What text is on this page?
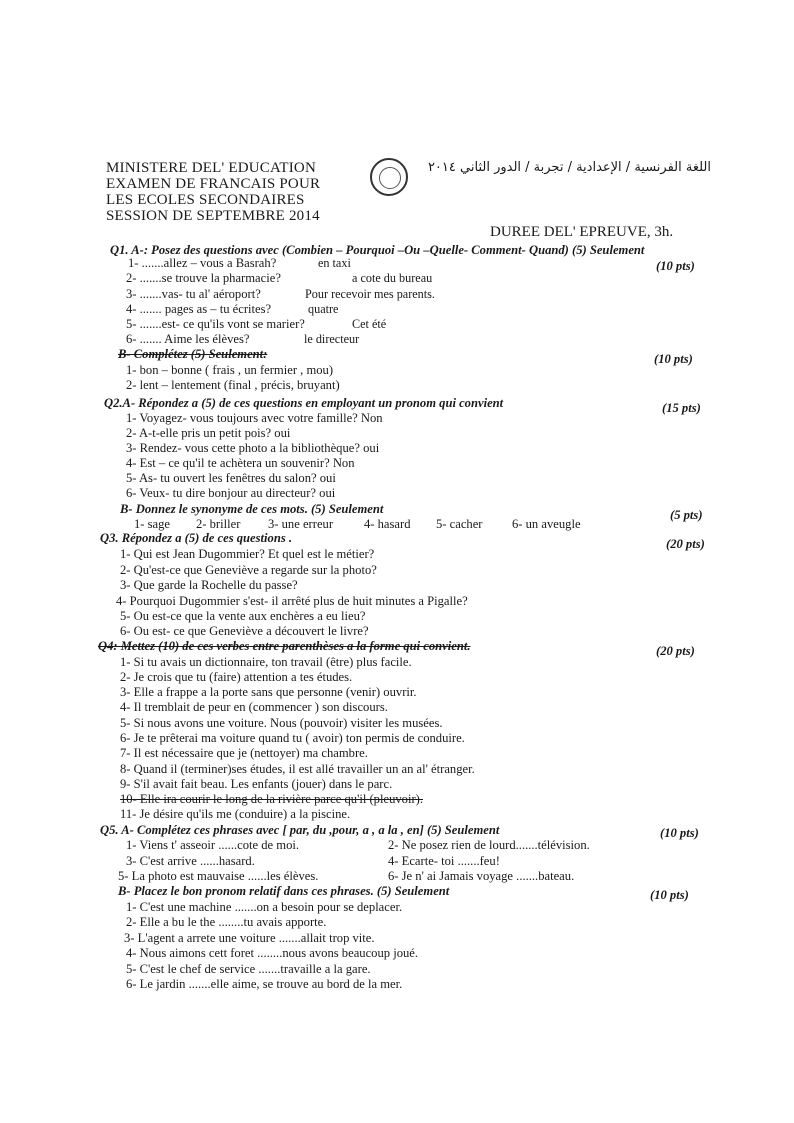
MINISTERE DEL' EDUCATION
EXAMEN DE FRANCAIS POUR
LES ECOLES SECONDAIRES
SESSION DE SEPTEMBRE 2014
اللغة الفرنسية / الإعدادية / تجربة / الدور الثاني ٢٠١٤
DUREE DEL' EPREUVE, 3h.
Q1. A-: Posez des questions avec (Combien – Pourquoi –Ou –Quelle- Comment- Quand) (5) Seulement
(10 pts)
1- .......allez – vous a Basrah?	en taxi
2- .......se trouve la pharmacie?	a cote du bureau
3- .......vas- tu al' aéroport?	Pour recevoir mes parents.
4- ....... pages as – tu écrites?	quatre
5- .......est- ce qu'ils vont se marier?	Cet été
6- ....... Aime les élèves?	le directeur
B- Complétez (5) Seulement:	(10 pts)
1- bon – bonne ( frais , un fermier , mou)
2- lent – lentement (final , précis, bruyant)
Q2.A- Répondez a (5) de ces questions en employant un pronom qui convient	(15 pts)
1- Voyagez- vous toujours avec votre famille? Non
2- A-t-elle pris un petit pois? oui
3- Rendez- vous cette photo a la bibliothèque? oui
4- Est – ce qu'il te achètera un souvenir? Non
5- As- tu ouvert les fenêtres du salon? oui
6- Veux- tu dire bonjour au directeur? oui
B- Donnez le synonyme de ces mots. (5) Seulement	(5 pts)
1- sage 2- briller 3- une erreur 4- hasard 5- cacher 6- un aveugle
Q3. Répondez a (5) de ces questions .	(20 pts)
1- Qui est Jean Dugommier? Et quel est le métier?
2- Qu'est-ce que Geneviève a regarde sur la photo?
3- Que garde la Rochelle du passe?
4- Pourquoi Dugommier s'est- il arrêté plus de huit minutes a Pigalle?
5- Ou est-ce que la vente aux enchères a eu lieu?
6- Ou est- ce que Geneviève a découvert le livre?
Q4: Mettez (10) de ces verbes entre parenthèses a la forme qui convient.	(20 pts)
1- Si tu avais un dictionnaire, ton travail (être) plus facile.
2- Je crois que tu (faire) attention a tes études.
3- Elle a frappe a la porte sans que personne (venir) ouvrir.
4- Il tremblait de peur en (commencer ) son discours.
5- Si nous avons une voiture. Nous (pouvoir) visiter les musées.
6- Je te prêterai ma voiture quand tu ( avoir) ton permis de conduire.
7- Il est nécessaire que je (nettoyer) ma chambre.
8- Quand il (terminer)ses études, il est allé travailler un an al' étranger.
9- S'il avait fait beau. Les enfants (jouer) dans le parc.
10- Elle ira courir le long de la rivière parce qu'il (pleuvoir).
11- Je désire qu'ils me (conduire) a la piscine.
Q5. A- Complétez ces phrases avec [ par, du ,pour, a , a la , en] (5) Seulement	(10 pts)
1- Viens t' asseoir ......cote de moi.	2- Ne posez rien de lourd.......télévision.
3- C'est arrive ......hasard.	4- Ecarte- toi .......feu!
5- La photo est mauvaise ......les élèves.	6- Je n' ai Jamais voyage .......bateau.
B- Placez le bon pronom relatif dans ces phrases. (5) Seulement	(10 pts)
1- C'est une machine .......on a besoin pour se deplacer.
2- Elle a bu le the ........tu avais apporte.
3- L'agent a arrete une voiture .......allait trop vite.
4- Nous aimons cett foret ........nous avons beaucoup joué.
5- C'est le chef de service .......travaille a la gare.
6- Le jardin .......elle aime, se trouve au bord de la mer.
